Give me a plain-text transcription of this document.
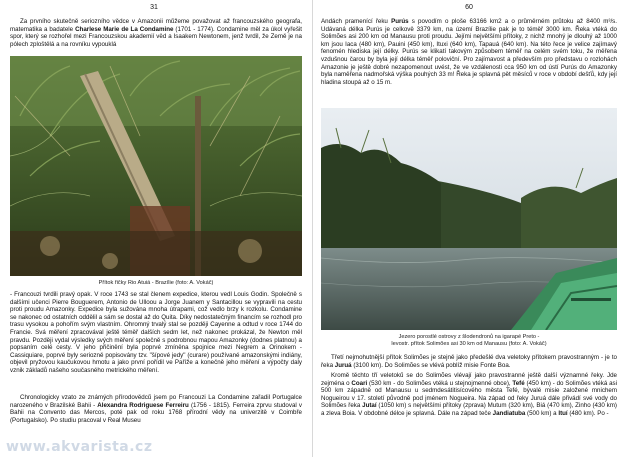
31

Za prvního skutečně seriozního vědce v Amazonii můžeme považovat až francouzského geografa, matematika a badatele Charlese Marie de La Condamine (1701 - 1774). Condamine měl za úkol vyřešit spor, který se rozhořel mezi Francouzskou akademií věd a Isaakem Newtonem, jenž tvrdil, že Země je na pólech zploštělá a na rovníku vypouklá

Přítok řičky Rio Atuiá - Brazílie (foto: A. Vokáč)

- Francouzi tvrdili pravý opak. V roce 1743 se stal členem expedice, kterou vedl Louis Godin. Společně s dalšími učenci Pierre Bouguerem, Antonio de Ulloou a Jorge Juanem y Santacillou se vypravili na cestu proti proudu Amazonky. Expedice byla sužována mnoha útrapami, což vedlo brzy k rozkolu. Condamine se nakonec od ostatních oddělil a sám se dostal až do Quita. Díky nedostatečným financím se rozhodl pro trasu vysokou a pohořím svým vlastním. Ohromný trvalý stal se později Cayenne a odtud v roce 1744 do Francie. Svá měření zpracovával ještě téměř dalších sedm let, než nakonec prokázal, že Newton měl pravdu. Později vydal výsledky svých měření společně s podrobnou mapou Amazonky (dodnes platnou) a popsaním celé cesty. V jeho přičinění byla poprvé zmíněna spojnice mezi Negrem a Orinokem - Cassiquiare, poprvé byly seriozně popisovány tzv. "šípové jedy" (curare) používané amazonskými indiány, objevil pryžovou kaučukovou hmotu a jako první pořídil ve Paříže a konečně jeho měření a výpočty daly vznik základů našeho současného metrického měření.

Chronologicky vzato ze známých přírodovědců jsem po Francouzi La Condamine zařadil Portugalce narozeného v Brazilské Bahii - Alexandra Rodriguese Ferreiru (1756 - 1815). Ferreira zprvu studoval v Bahii na Convento das Mercos, poté pak od roku 1768 přírodní vědy na univerzitě v Coimbře (Portugalsko). Po studiu pracoval v Real Museu

www.akvarista.cz
60

Andách pramenící řeku Purús s povodím o ploše 63166 km2 a o průměrném průtoku až 8400 m³/s. Udávaná délka Purús je celkově 3379 km, na území Brazílie pak je to téměř 3000 km. Řeka vtéká do Solimões asi 200 km od Manausu proti proudu. Jejími největšími přítoky, z nichž mnohý je dlouhý až 1000 km jsou Iaca (480 km), Pauini (450 km), Ituxi (640 km), Tapauá (640 km). Na této řece je velice zajímavý fenomén hlediska její délky. Purús se klikatí takovým způsobem téměř na celém svém toku, že měřena vzdušnou čarou by byla její délka téměř poloviční. Pro zajímavost a především pro představu o rozlohách Amazonie je ještě dobré nezapomenout uvést, že ve vzdálenosti cca 950 km od ústí Purús do Amazonky byla naměřena nadmořská výška pouhých 33 m! Řeka je splavná pět měsíců v roce v období dešťů, kdy její hladina stoupá až o 15 m.

Jezero porostlé ostrovy z šlodendronů na igarapé Preto -
levostr. přítok Solimões asi 30 km od Manausu (foto: A. Vokáč)

Třetí nejmohutnější přítok Solimões je stejně jako předešlé dva veletoky přítokem pravostranným - je to řeka Juruá (3100 km). Do Solimões se vlévá poblíž misie Fonte Boa.

Kromě těchto tří veletoků se do Solimões vlévají jako pravostranné ještě další významné řeky. Jde zejména o Coari (530 km - do Solimões vtéká u stejnojmenné obce), Tefé (450 km) - do Solimões vtéká asi 500 km západně od Manausu u sedmdesátitisícového města Tefé, bývalé misie založené mnichem Nogueirou v 17. století původně pod jménem Nogueira. Na západ od řeky Juruá dále přivádí své vody do Solimões řeka Jutaí (1050 km) s největšími přítoky (zprava) Mutum (320 km), Biá (470 km), Zinho (430 km) a zleva Boia. V obdobné délce je splavná. Dále na západ teče Jandiatuba (500 km) a Ituí (480 km). Po -
